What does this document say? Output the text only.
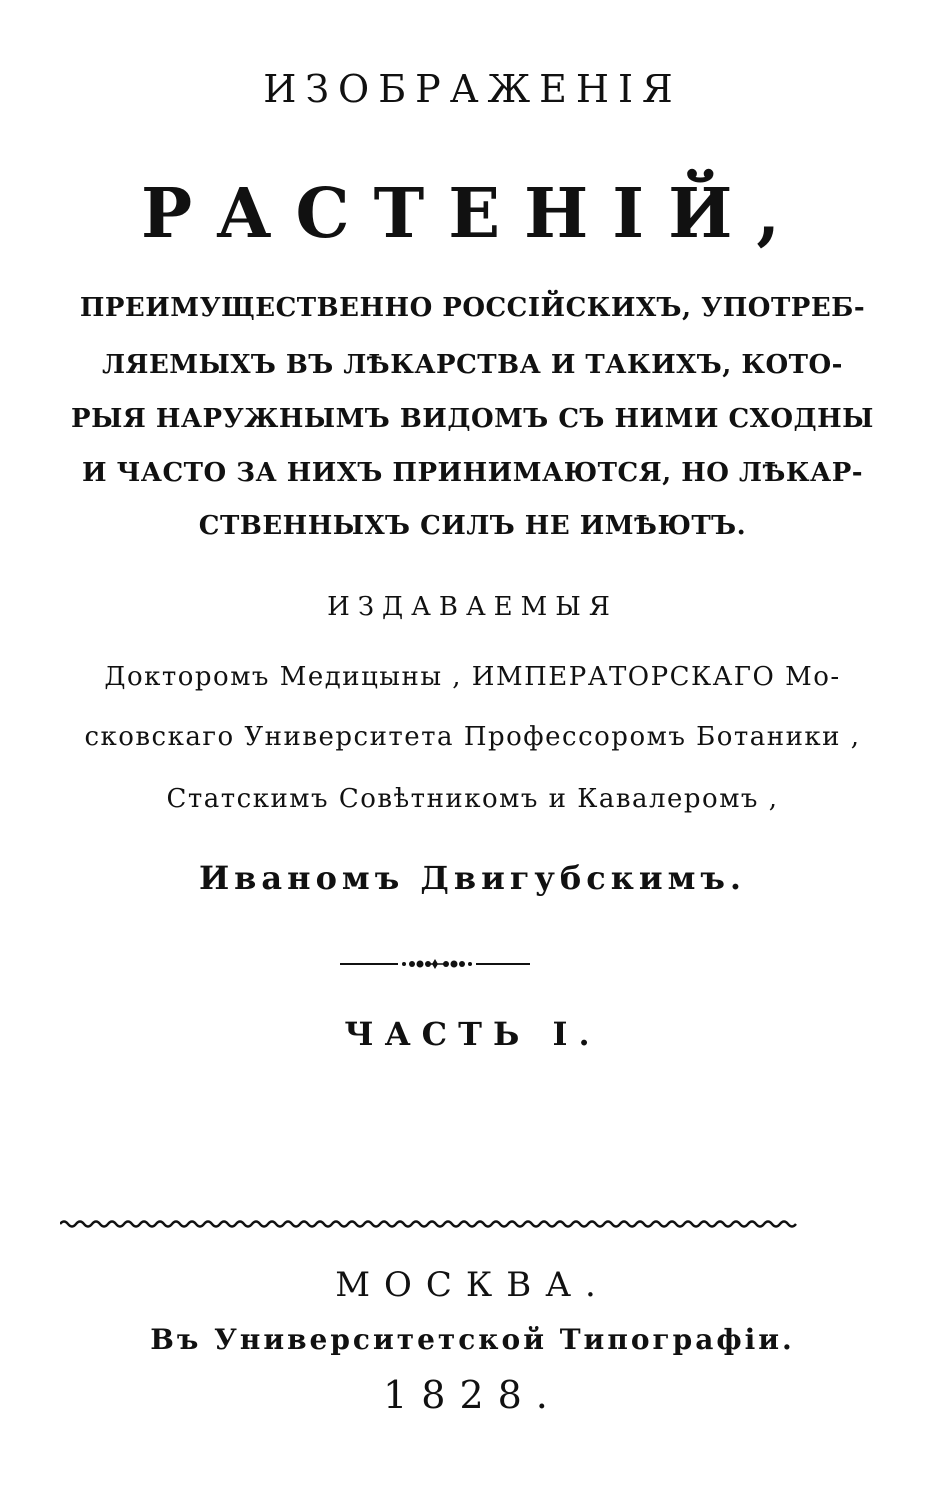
ИЗОБРАЖЕНІЯ
РАСТЕНІЙ,
ПРЕИМУЩЕСТВЕННО РОССІЙСКИХЪ, УПОТРЕБ-
ЛЯЕМЫХЪ ВЪ ЛѢКАРСТВА И ТАКИХЪ, КОТО-
РЫЯ НАРУЖНЫМЪ ВИДОМЪ СЪ НИМИ СХОДНЫ
И ЧАСТО ЗА НИХЪ ПРИНИМАЮТСЯ, НО ЛѢКАР-
СТВЕННЫХЪ СИЛЪ НЕ ИМѢЮТЪ.
ИЗДАВАЕМЫЯ
Докторомъ Медицыны , ИМПЕРАТОРСКАГО Мо-
сковскаго Университета Профессоромъ Ботаники ,
Статскимъ Совѣтникомъ и Кавалеромъ ,
Иваномъ Двигубскимъ.
ЧАСТЬ I.
МОСКВА.
Въ Университетской Типографіи.
1828.
